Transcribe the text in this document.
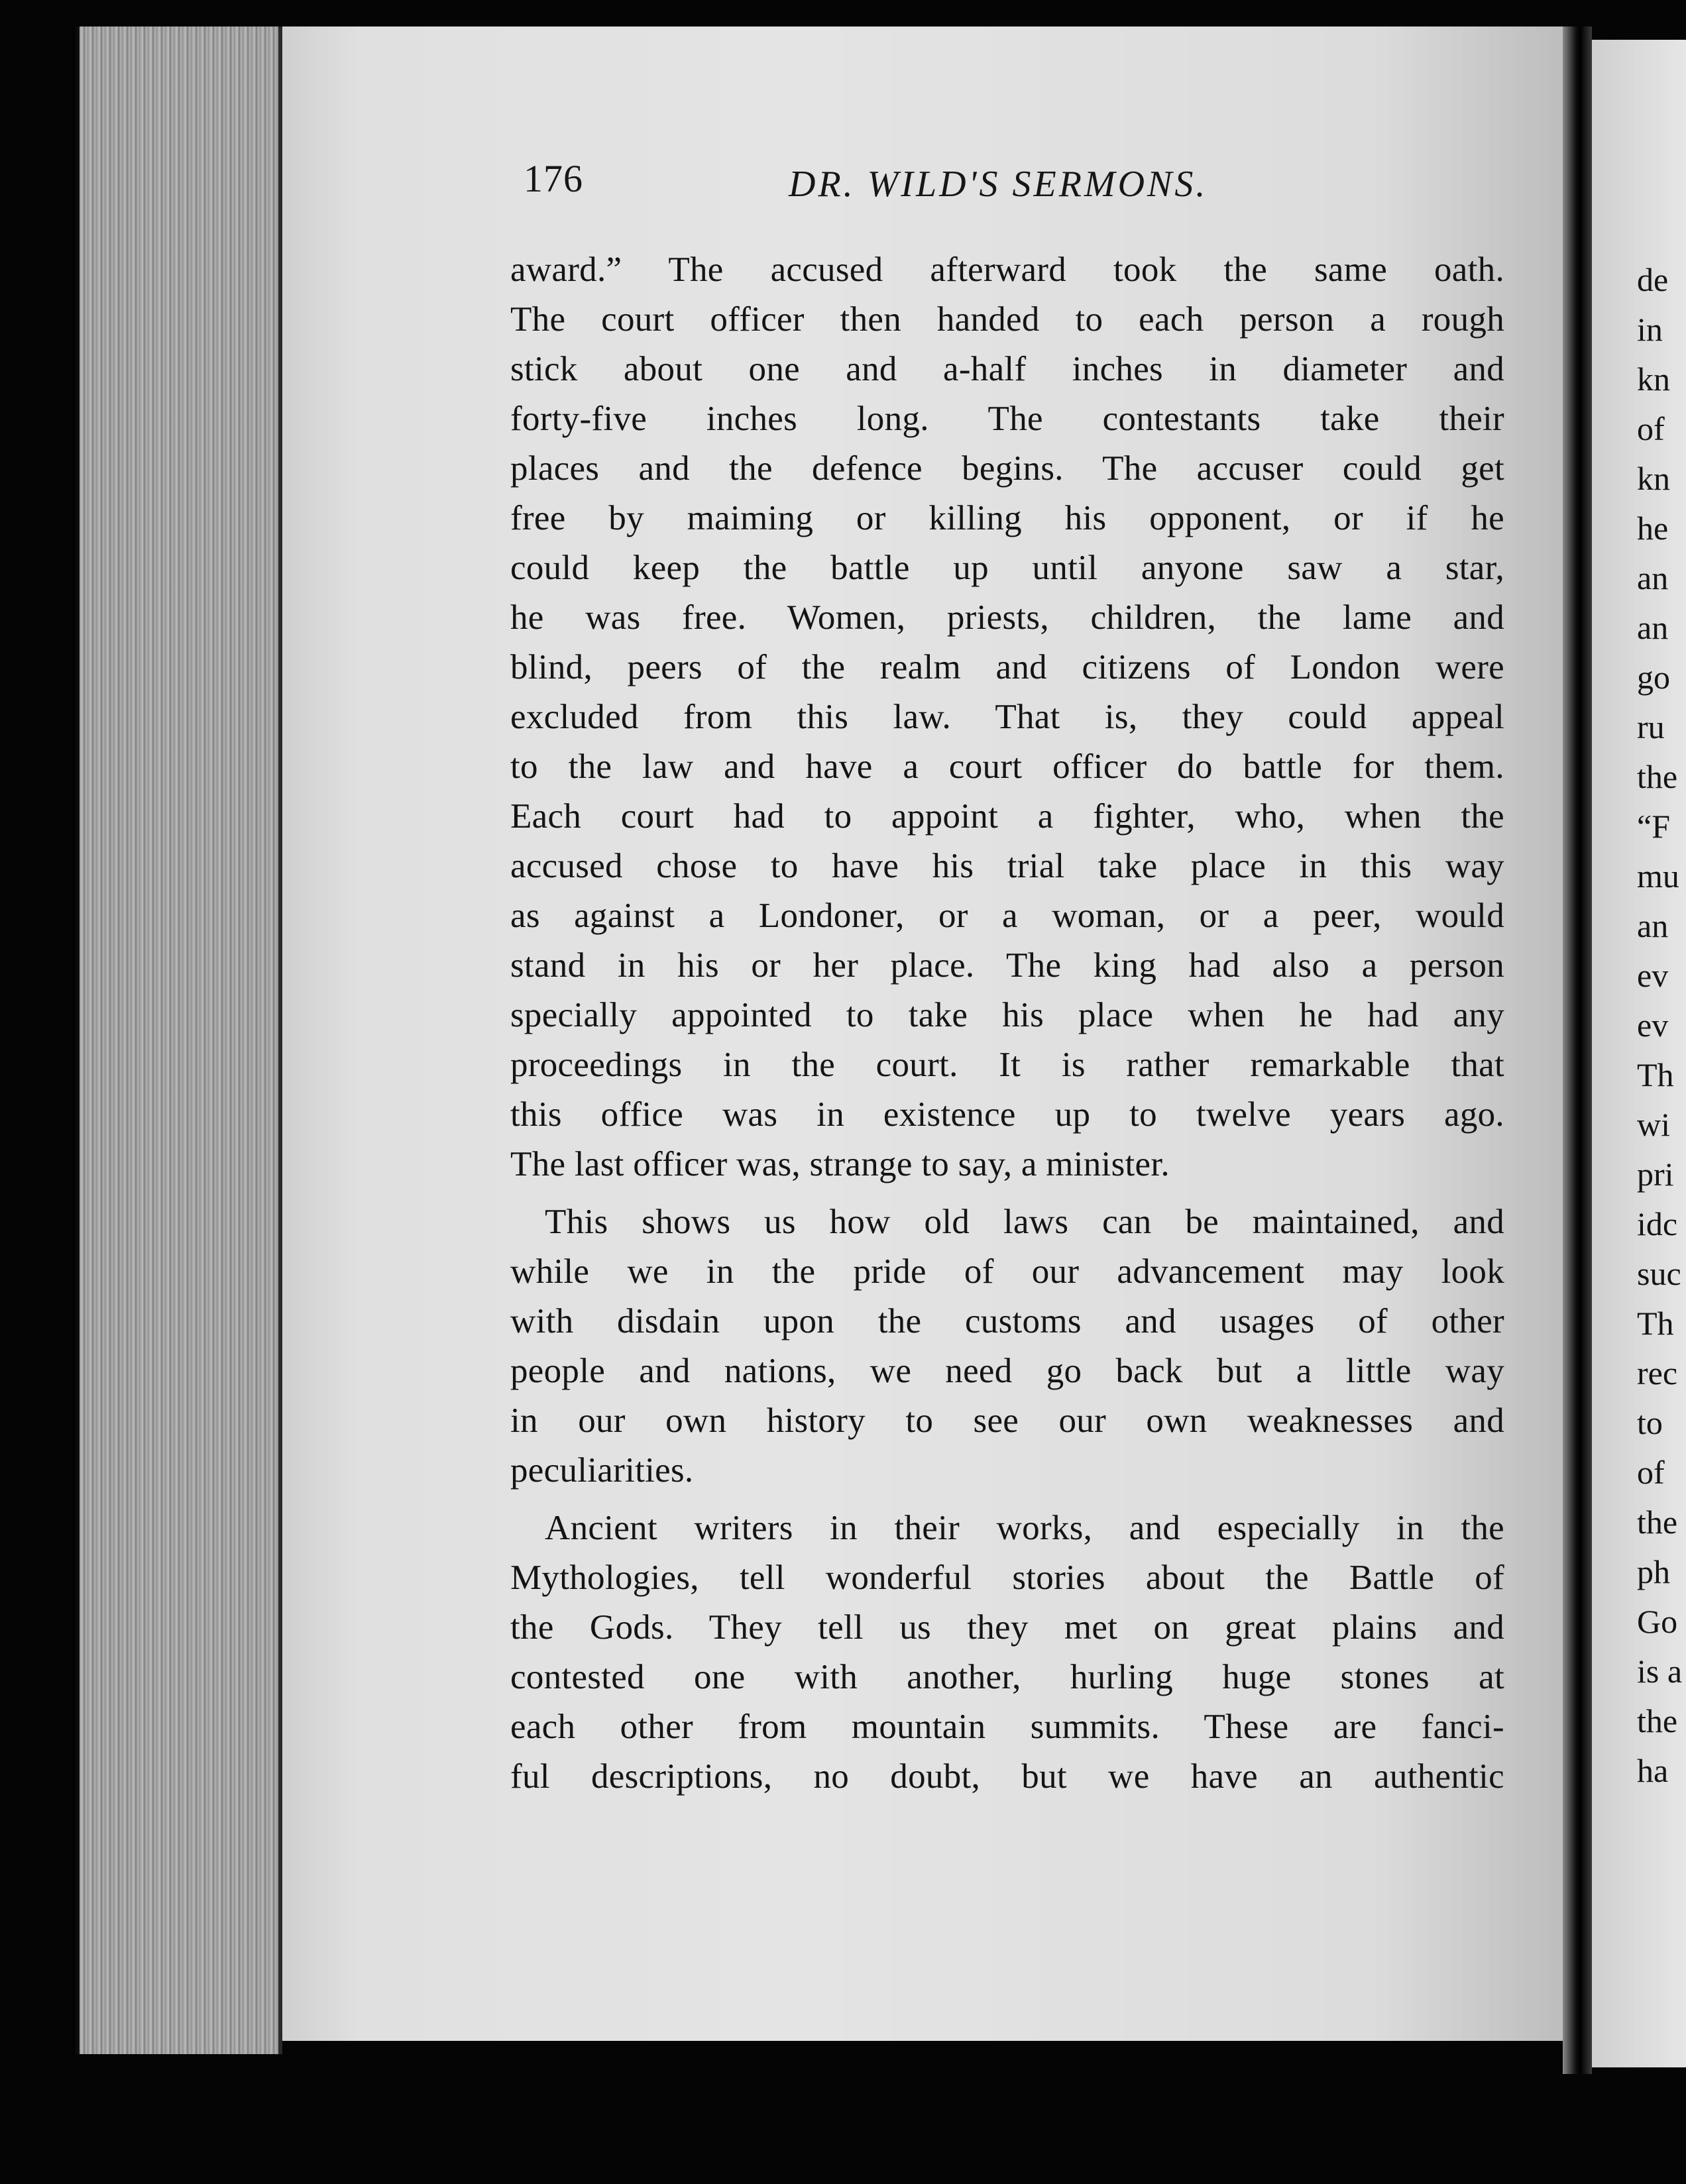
176	DR. WILD'S SERMONS.
award.” The accused afterward took the same oath.
The court officer then handed to each person a rough
stick about one and a-half inches in diameter and
forty-five inches long. The contestants take their
places and the defence begins. The accuser could get
free by maiming or killing his opponent, or if he
could keep the battle up until anyone saw a star,
he was free. Women, priests, children, the lame and
blind, peers of the realm and citizens of London were
excluded from this law. That is, they could appeal
to the law and have a court officer do battle for them.
Each court had to appoint a fighter, who, when the
accused chose to have his trial take place in this way
as against a Londoner, or a woman, or a peer, would
stand in his or her place. The king had also a person
specially appointed to take his place when he had any
proceedings in the court. It is rather remarkable that
this office was in existence up to twelve years ago.
The last officer was, strange to say, a minister.
This shows us how old laws can be maintained, and
while we in the pride of our advancement may look
with disdain upon the customs and usages of other
people and nations, we need go back but a little way
in our own history to see our own weaknesses and
peculiarities.
Ancient writers in their works, and especially in the
Mythologies, tell wonderful stories about the Battle of
the Gods. They tell us they met on great plains and
contested one with another, hurling huge stones at
each other from mountain summits. These are fanci-
ful descriptions, no doubt, but we have an authentic
de
in
kn
of
kn
he
an
an
go
ru
the
“F
mu
an
ev
ev
Th
wi
pri
idc
suc
Th
rec
to
of
the
ph
Go
is a
the
ha
